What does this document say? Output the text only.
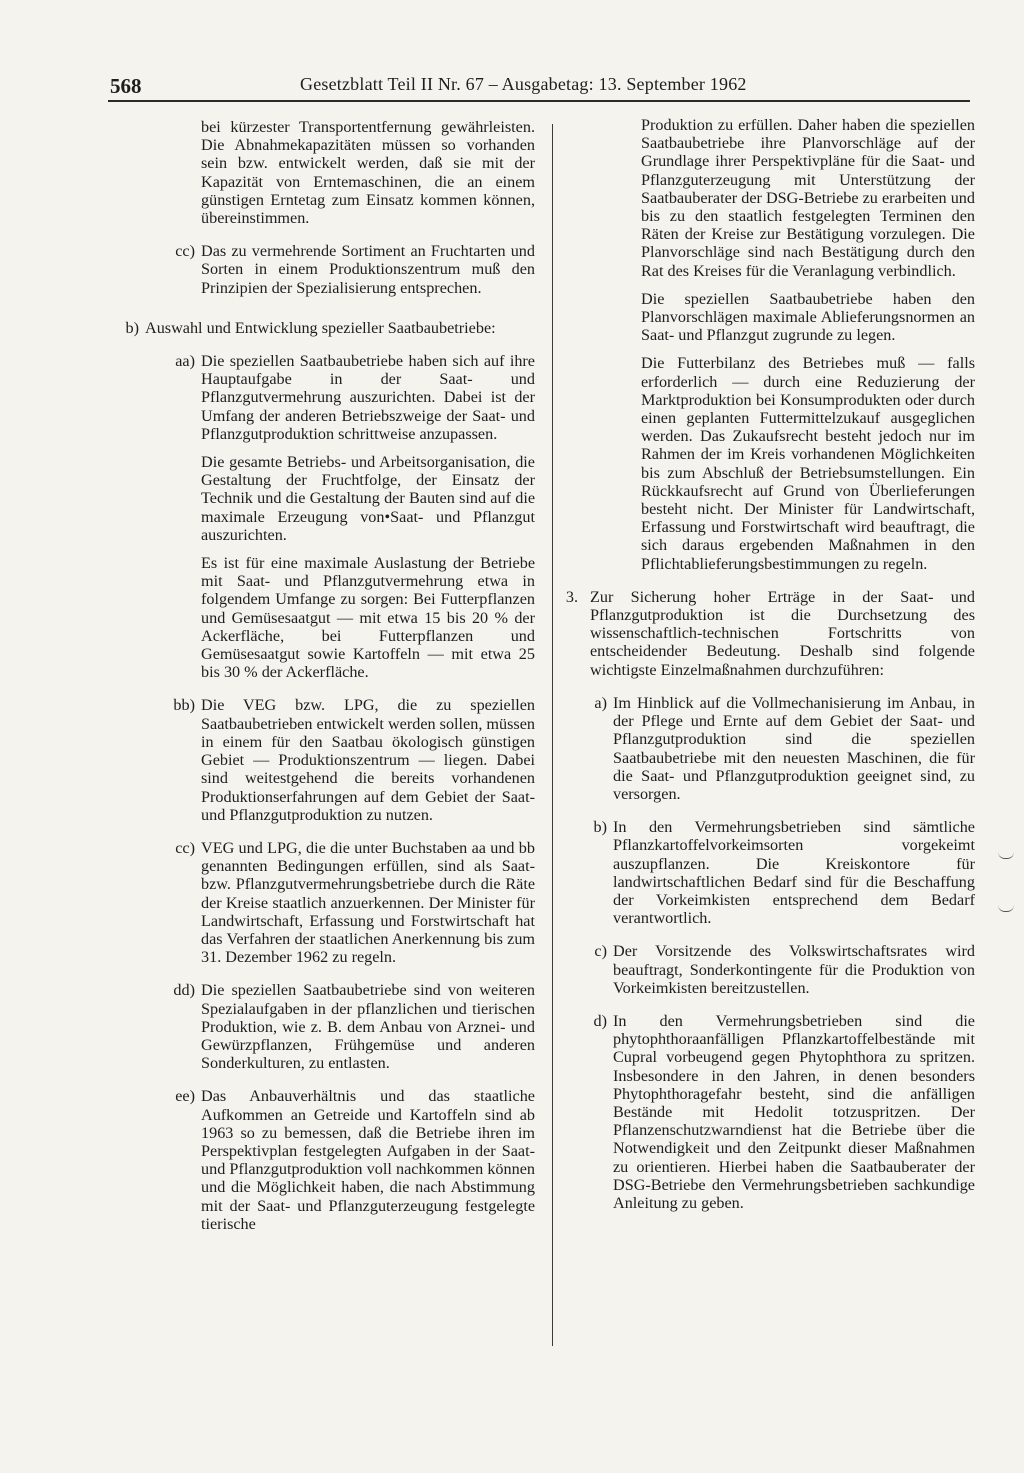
568	Gesetzblatt Teil II Nr. 67 – Ausgabetag: 13. September 1962

bei kürzester Transportentfernung gewährleisten. Die Abnahmekapazitäten müssen so vorhanden sein bzw. entwickelt werden, daß sie mit der Kapazität von Erntemaschinen, die an einem günstigen Erntetag zum Einsatz kommen können, übereinstimmen.

cc) Das zu vermehrende Sortiment an Fruchtarten und Sorten in einem Produktionszentrum muß den Prinzipien der Spezialisierung entsprechen.
b) Auswahl und Entwicklung spezieller Saatbaubetriebe:
aa) Die speziellen Saatbaubetriebe haben sich auf ihre Hauptaufgabe in der Saat- und Pflanzgutvermehrung auszurichten. Dabei ist der Umfang der anderen Betriebszweige der Saat- und Pflanzgutproduktion schrittweise anzupassen.

Die gesamte Betriebs- und Arbeitsorganisation, die Gestaltung der Fruchtfolge, der Einsatz der Technik und die Gestaltung der Bauten sind auf die maximale Erzeugung von•Saat- und Pflanzgut auszurichten.

Es ist für eine maximale Auslastung der Betriebe mit Saat- und Pflanzgutvermehrung etwa in folgendem Umfange zu sorgen: Bei Futterpflanzen und Gemüsesaatgut — mit etwa 15 bis 20 % der Ackerfläche, bei Futterpflanzen und Gemüsesaatgut sowie Kartoffeln — mit etwa 25 bis 30 % der Ackerfläche.

bb) Die VEG bzw. LPG, die zu speziellen Saatbaubetrieben entwickelt werden sollen, müssen in einem für den Saatbau ökologisch günstigen Gebiet — Produktionszentrum — liegen. Dabei sind weitestgehend die bereits vorhandenen Produktionserfahrungen auf dem Gebiet der Saat- und Pflanzgutproduktion zu nutzen.
cc) VEG und LPG, die die unter Buchstaben aa und bb genannten Bedingungen erfüllen, sind als Saat- bzw. Pflanzgutvermehrungsbetriebe durch die Räte der Kreise staatlich anzuerkennen. Der Minister für Landwirtschaft, Erfassung und Forstwirtschaft hat das Verfahren der staatlichen Anerkennung bis zum 31. Dezember 1962 zu regeln.
dd) Die speziellen Saatbaubetriebe sind von weiteren Spezialaufgaben in der pflanzlichen und tierischen Produktion, wie z. B. dem Anbau von Arznei- und Gewürzpflanzen, Frühgemüse und anderen Sonderkulturen, zu entlasten.
ee) Das Anbauverhältnis und das staatliche Aufkommen an Getreide und Kartoffeln sind ab 1963 so zu bemessen, daß die Betriebe ihren im Perspektivplan festgelegten Aufgaben in der Saat- und Pflanzgutproduktion voll nachkommen können und die Möglichkeit haben, die nach Abstimmung mit der Saat- und Pflanzguterzeugung festgelegte tierische

Produktion zu erfüllen. Daher haben die speziellen Saatbaubetriebe ihre Planvorschläge auf der Grundlage ihrer Perspektivpläne für die Saat- und Pflanzguterzeugung mit Unterstützung der Saatbauberater der DSG-Betriebe zu erarbeiten und bis zu den staatlich festgelegten Terminen den Räten der Kreise zur Bestätigung vorzulegen. Die Planvorschläge sind nach Bestätigung durch den Rat des Kreises für die Veranlagung verbindlich.

Die speziellen Saatbaubetriebe haben den Planvorschlägen maximale Ablieferungsnormen an Saat- und Pflanzgut zugrunde zu legen.

Die Futterbilanz des Betriebes muß — falls erforderlich — durch eine Reduzierung der Marktproduktion bei Konsumprodukten oder durch einen geplanten Futtermittelzukauf ausgeglichen werden. Das Zukaufsrecht besteht jedoch nur im Rahmen der im Kreis vorhandenen Möglichkeiten bis zum Abschluß der Betriebsumstellungen. Ein Rückkaufsrecht auf Grund von Überlieferungen besteht nicht. Der Minister für Landwirtschaft, Erfassung und Forstwirtschaft wird beauftragt, die sich daraus ergebenden Maßnahmen in den Pflichtablieferungsbestimmungen zu regeln.

3. Zur Sicherung hoher Erträge in der Saat- und Pflanzgutproduktion ist die Durchsetzung des wissenschaftlich-technischen Fortschritts von entscheidender Bedeutung. Deshalb sind folgende wichtigste Einzelmaßnahmen durchzuführen:
a) Im Hinblick auf die Vollmechanisierung im Anbau, in der Pflege und Ernte auf dem Gebiet der Saat- und Pflanzgutproduktion sind die speziellen Saatbaubetriebe mit den neuesten Maschinen, die für die Saat- und Pflanzgutproduktion geeignet sind, zu versorgen.
b) In den Vermehrungsbetrieben sind sämtliche Pflanzkartoffelvorkeimsorten vorgekeimt auszupflanzen. Die Kreiskontore für landwirtschaftlichen Bedarf sind für die Beschaffung der Vorkeimkisten entsprechend dem Bedarf verantwortlich.
c) Der Vorsitzende des Volkswirtschaftsrates wird beauftragt, Sonderkontingente für die Produktion von Vorkeimkisten bereitzustellen.
d) In den Vermehrungsbetrieben sind die phytophthoraanfälligen Pflanzkartoffelbestände mit Cupral vorbeugend gegen Phytophthora zu spritzen. Insbesondere in den Jahren, in denen besonders Phytophthoragefahr besteht, sind die anfälligen Bestände mit Hedolit totzuspritzen. Der Pflanzenschutzwarndienst hat die Betriebe über die Notwendigkeit und den Zeitpunkt dieser Maßnahmen zu orientieren. Hierbei haben die Saatbauberater der DSG-Betriebe den Vermehrungsbetrieben sachkundige Anleitung zu geben.
